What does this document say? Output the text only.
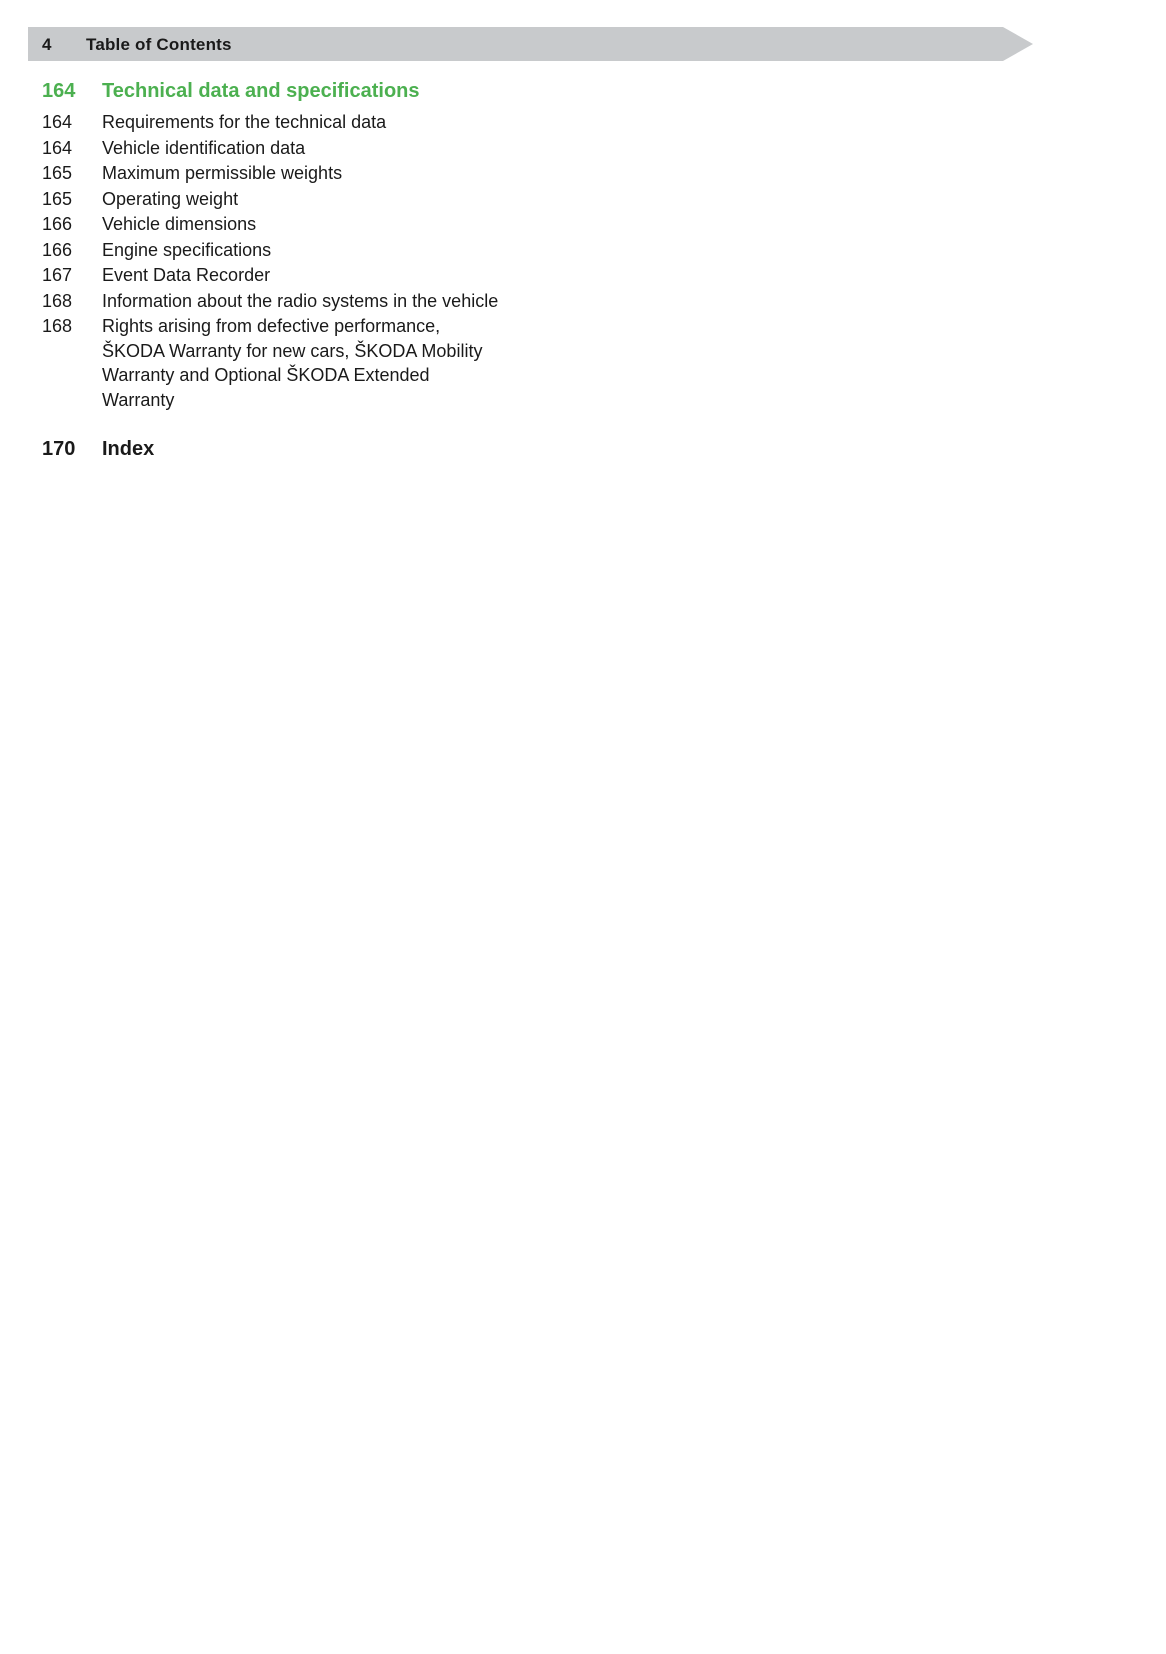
4 Table of Contents
164	Technical data and specifications
164	Requirements for the technical data
164	Vehicle identification data
165	Maximum permissible weights
165	Operating weight
166	Vehicle dimensions
166	Engine specifications
167	Event Data Recorder
168	Information about the radio systems in the vehicle
168	Rights arising from defective performance, ŠKODA Warranty for new cars, ŠKODA Mobility Warranty and Optional ŠKODA Extended Warranty
170	Index
